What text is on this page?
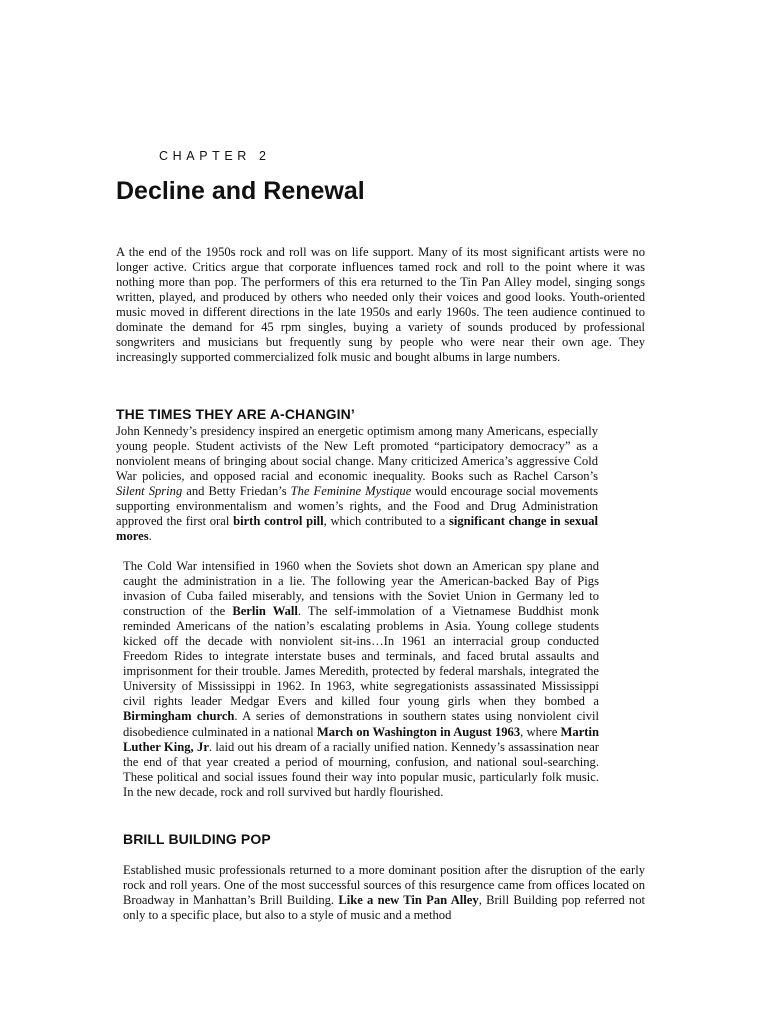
CHAPTER 2
Decline and Renewal

A the end of the 1950s rock and roll was on life support. Many of its most significant artists were no longer active. Critics argue that corporate influences tamed rock and roll to the point where it was nothing more than pop. The performers of this era returned to the Tin Pan Alley model, singing songs written, played, and produced by others who needed only their voices and good looks. Youth-oriented music moved in different directions in the late 1950s and early 1960s. The teen audience continued to dominate the demand for 45 rpm singles, buying a variety of sounds produced by professional songwriters and musicians but frequently sung by people who were near their own age. They increasingly supported commercialized folk music and bought albums in large numbers.

THE TIMES THEY ARE A-CHANGIN’

John Kennedy’s presidency inspired an energetic optimism among many Americans, especially young people. Student activists of the New Left promoted “participatory democracy” as a nonviolent means of bringing about social change. Many criticized America’s aggressive Cold War policies, and opposed racial and economic inequality. Books such as Rachel Carson’s Silent Spring and Betty Friedan’s The Feminine Mystique would encourage social movements supporting environmentalism and women’s rights, and the Food and Drug Administration approved the first oral birth control pill, which contributed to a significant change in sexual mores.

The Cold War intensified in 1960 when the Soviets shot down an American spy plane and caught the administration in a lie. The following year the American-backed Bay of Pigs invasion of Cuba failed miserably, and tensions with the Soviet Union in Germany led to construction of the Berlin Wall. The self-immolation of a Vietnamese Buddhist monk reminded Americans of the nation’s escalating problems in Asia. Young college students kicked off the decade with nonviolent sit-ins…In 1961 an interracial group conducted Freedom Rides to integrate interstate buses and terminals, and faced brutal assaults and imprisonment for their trouble. James Meredith, protected by federal marshals, integrated the University of Mississippi in 1962. In 1963, white segregationists assassinated Mississippi civil rights leader Medgar Evers and killed four young girls when they bombed a Birmingham church. A series of demonstrations in southern states using nonviolent civil disobedience culminated in a national March on Washington in August 1963, where Martin Luther King, Jr. laid out his dream of a racially unified nation. Kennedy’s assassination near the end of that year created a period of mourning, confusion, and national soul-searching. These political and social issues found their way into popular music, particularly folk music. In the new decade, rock and roll survived but hardly flourished.

BRILL BUILDING POP

Established music professionals returned to a more dominant position after the disruption of the early rock and roll years. One of the most successful sources of this resurgence came from offices located on Broadway in Manhattan’s Brill Building. Like a new Tin Pan Alley, Brill Building pop referred not only to a specific place, but also to a style of music and a method
